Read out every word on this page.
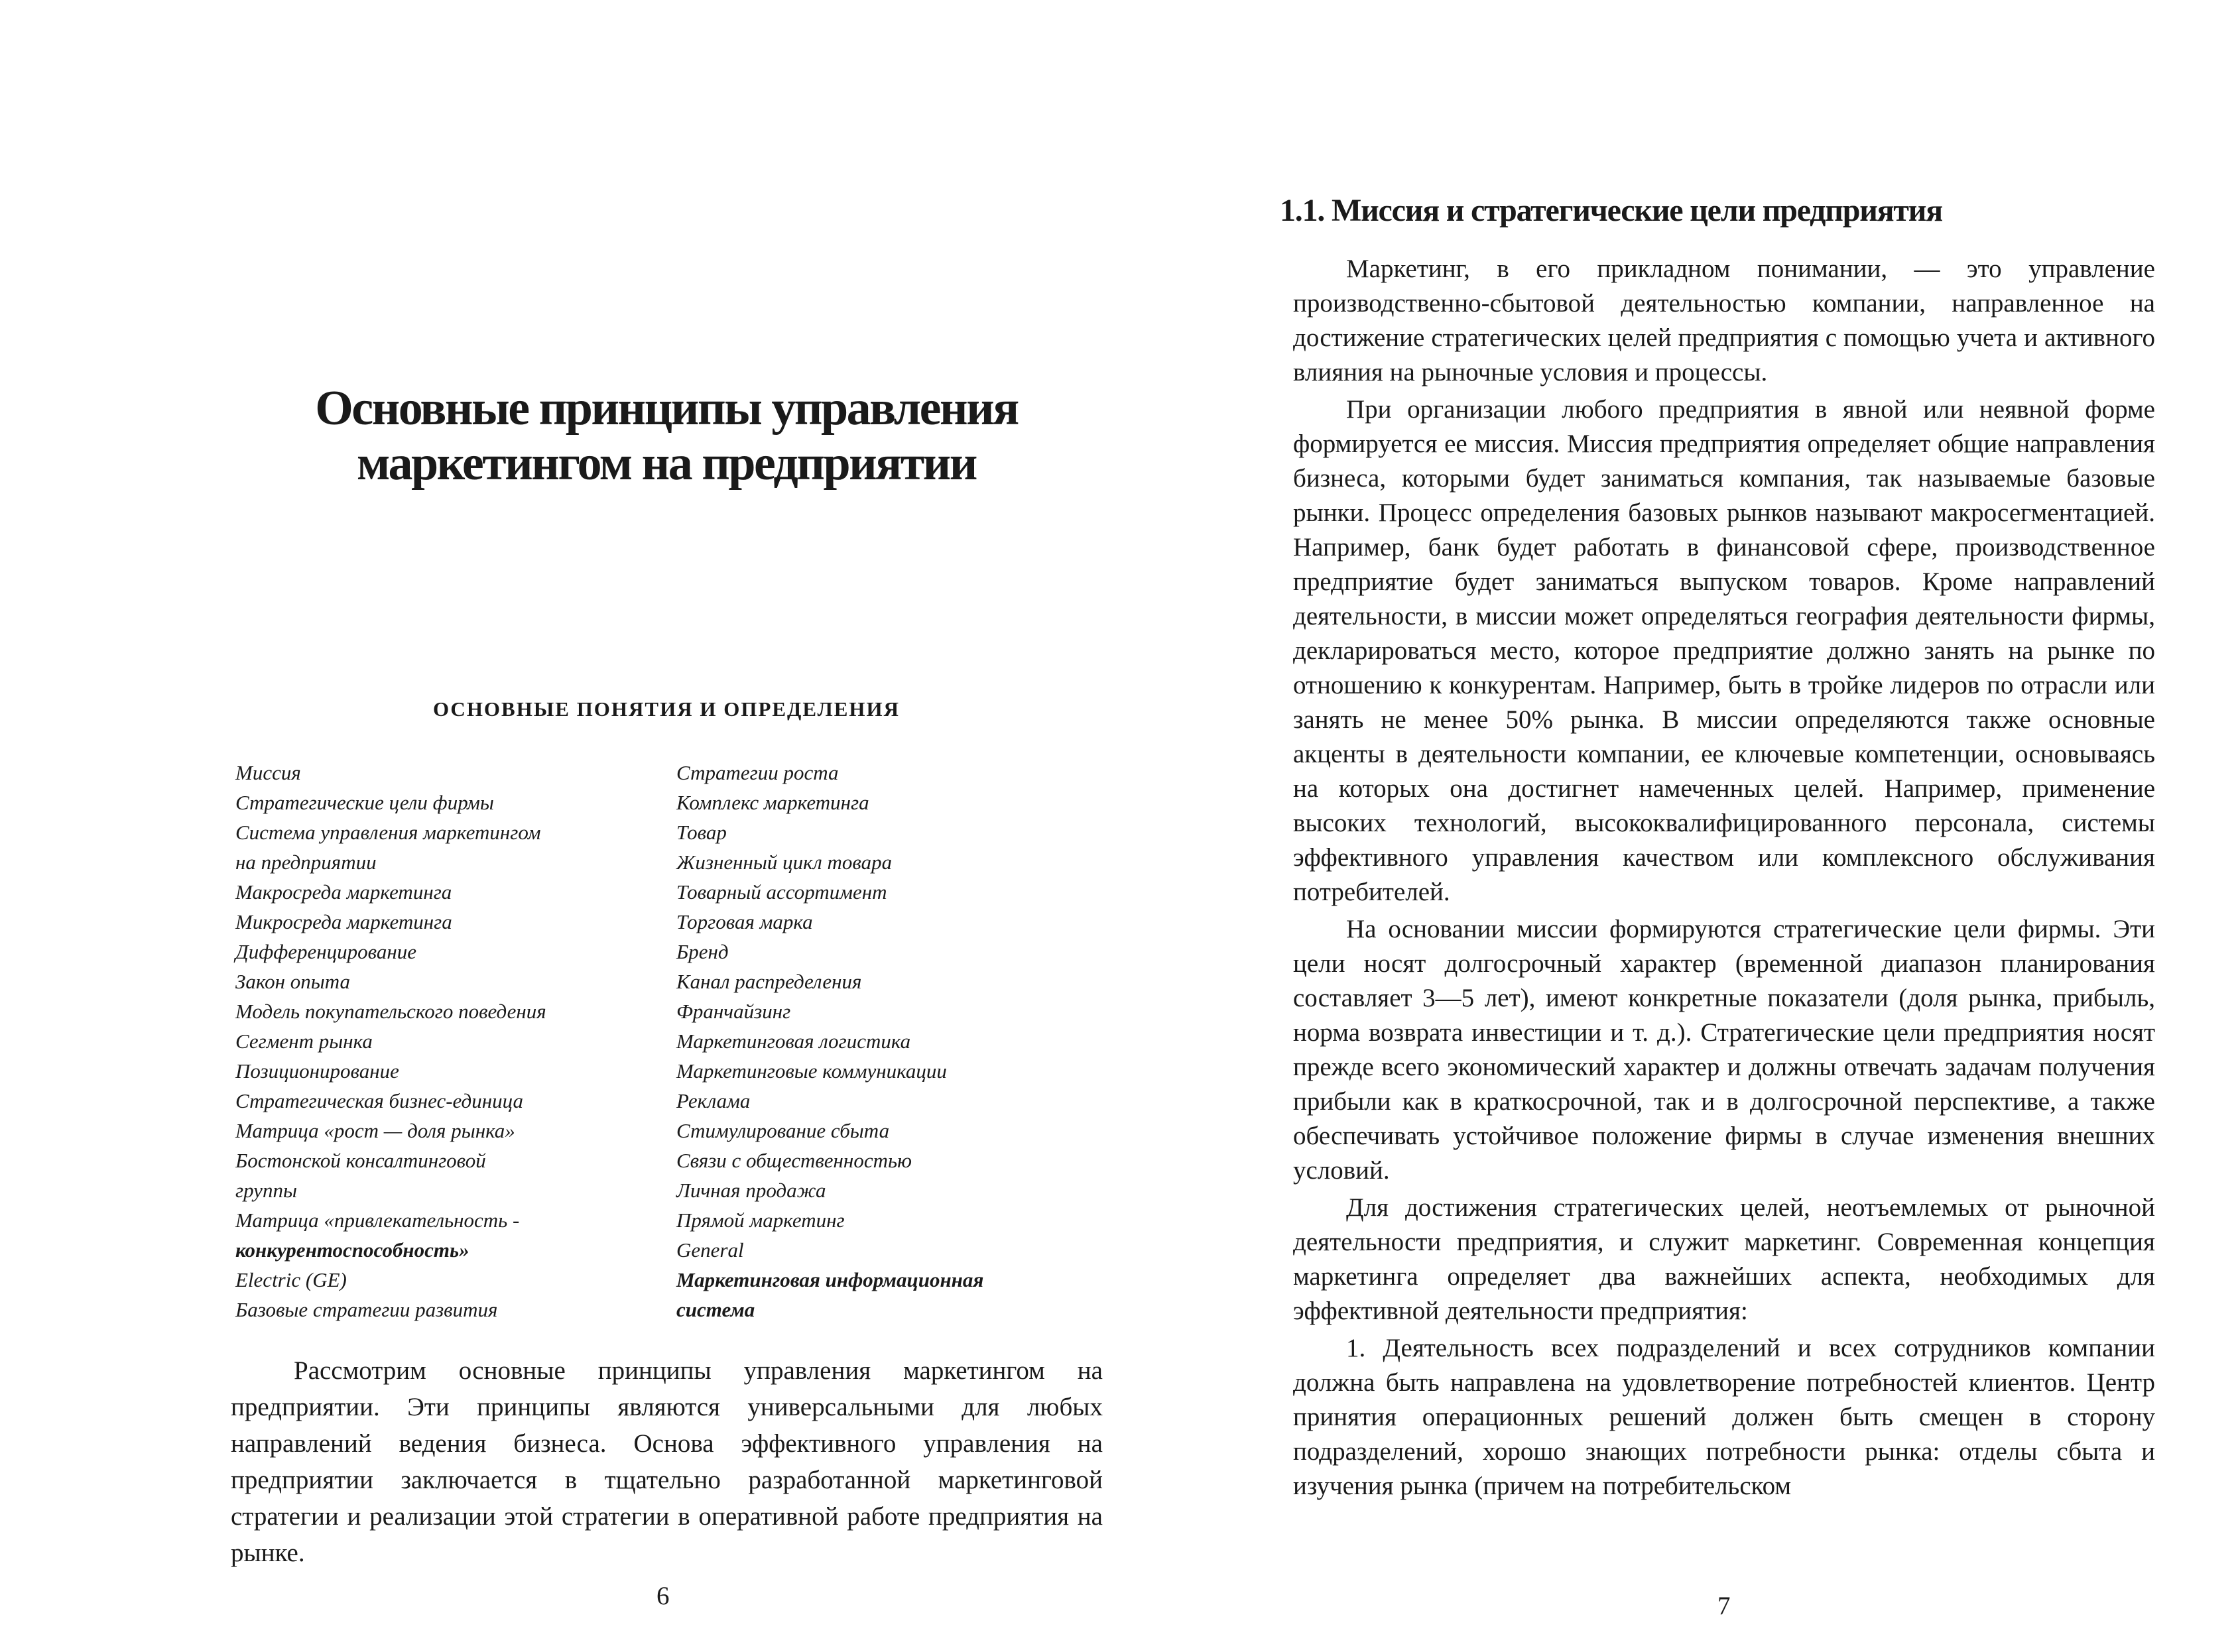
Основные принципы управления
маркетингом на предприятии
ОСНОВНЫЕ ПОНЯТИЯ И ОПРЕДЕЛЕНИЯ
Миссия
Стратегические цели фирмы
Система управления маркетингом
на предприятии
Макросреда маркетинга
Микросреда маркетинга
Дифференцирование
Закон опыта
Модель покупательского поведения
Сегмент рынка
Позиционирование
Стратегическая бизнес-единица
Матрица «рост — доля рынка»
Бостонской консалтинговой
группы
Матрица «привлекательность -
конкурентоспособность»
Electric (GE)
Базовые стратегии развития
Стратегии роста
Комплекс маркетинга
Товар
Жизненный цикл товара
Товарный ассортимент
Торговая марка
Бренд
Канал распределения
Франчайзинг
Маркетинговая логистика
Маркетинговые коммуникации
Реклама
Стимулирование сбыта
Связи с общественностью
Личная продажа
Прямой маркетинг
General
Маркетинговая информационная
система

Рассмотрим основные принципы управления маркетингом на предприятии. Эти принципы являются универсальными для любых направлений ведения бизнеса. Основа эффективного управления на предприятии заключается в тщательно разработанной маркетинговой стратегии и реализации этой стратегии в оперативной работе предприятия на рынке.

6

1.1. Миссия и стратегические цели предприятия

Маркетинг, в его прикладном понимании, — это управление производственно-сбытовой деятельностью компании, направленное на достижение стратегических целей предприятия с помощью учета и активного влияния на рыночные условия и процессы.

При организации любого предприятия в явной или неявной форме формируется ее миссия. Миссия предприятия определяет общие направления бизнеса, которыми будет заниматься компания, так называемые базовые рынки. Процесс определения базовых рынков называют макросегментацией. Например, банк будет работать в финансовой сфере, производственное предприятие будет заниматься выпуском товаров. Кроме направлений деятельности, в миссии может определяться география деятельности фирмы, декларироваться место, которое предприятие должно занять на рынке по отношению к конкурентам. Например, быть в тройке лидеров по отрасли или занять не менее 50% рынка. В миссии определяются также основные акценты в деятельности компании, ее ключевые компетенции, основываясь на которых она достигнет намеченных целей. Например, применение высоких технологий, высококвалифицированного персонала, системы эффективного управления качеством или комплексного обслуживания потребителей.

На основании миссии формируются стратегические цели фирмы. Эти цели носят долгосрочный характер (временной диапазон планирования составляет 3—5 лет), имеют конкретные показатели (доля рынка, прибыль, норма возврата инвестиции и т. д.). Стратегические цели предприятия носят прежде всего экономический характер и должны отвечать задачам получения прибыли как в краткосрочной, так и в долгосрочной перспективе, а также обеспечивать устойчивое положение фирмы в случае изменения внешних условий.

Для достижения стратегических целей, неотъемлемых от рыночной деятельности предприятия, и служит маркетинг. Современная концепция маркетинга определяет два важнейших аспекта, необходимых для эффективной деятельности предприятия:

1. Деятельность всех подразделений и всех сотрудников компании должна быть направлена на удовлетворение потребностей клиентов. Центр принятия операционных решений должен быть смещен в сторону подразделений, хорошо знающих потребности рынка: отделы сбыта и изучения рынка (причем на потребительском

7
